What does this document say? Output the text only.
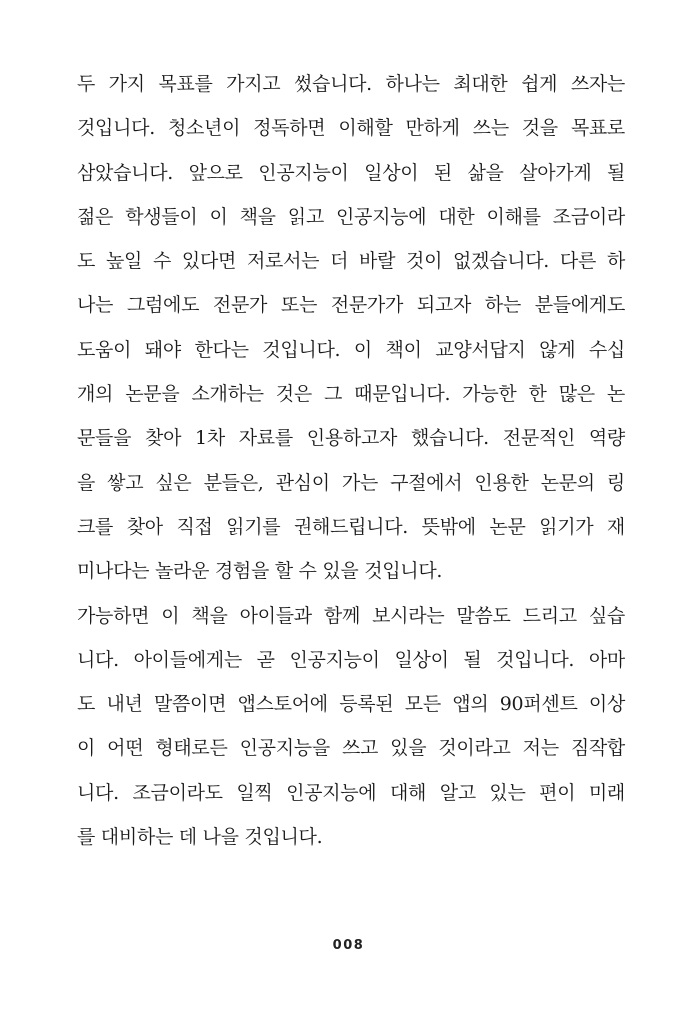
두 가지 목표를 가지고 썼습니다. 하나는 최대한 쉽게 쓰자는
것입니다. 청소년이 정독하면 이해할 만하게 쓰는 것을 목표로
삼았습니다. 앞으로 인공지능이 일상이 된 삶을 살아가게 될
젊은 학생들이 이 책을 읽고 인공지능에 대한 이해를 조금이라
도 높일 수 있다면 저로서는 더 바랄 것이 없겠습니다. 다른 하
나는 그럼에도 전문가 또는 전문가가 되고자 하는 분들에게도
도움이 돼야 한다는 것입니다. 이 책이 교양서답지 않게 수십
개의 논문을 소개하는 것은 그 때문입니다. 가능한 한 많은 논
문들을 찾아 1차 자료를 인용하고자 했습니다. 전문적인 역량
을 쌓고 싶은 분들은, 관심이 가는 구절에서 인용한 논문의 링
크를 찾아 직접 읽기를 권해드립니다. 뜻밖에 논문 읽기가 재
미나다는 놀라운 경험을 할 수 있을 것입니다.
가능하면 이 책을 아이들과 함께 보시라는 말씀도 드리고 싶습
니다. 아이들에게는 곧 인공지능이 일상이 될 것입니다. 아마
도 내년 말쯤이면 앱스토어에 등록된 모든 앱의 90퍼센트 이상
이 어떤 형태로든 인공지능을 쓰고 있을 것이라고 저는 짐작합
니다. 조금이라도 일찍 인공지능에 대해 알고 있는 편이 미래
를 대비하는 데 나을 것입니다.
008
